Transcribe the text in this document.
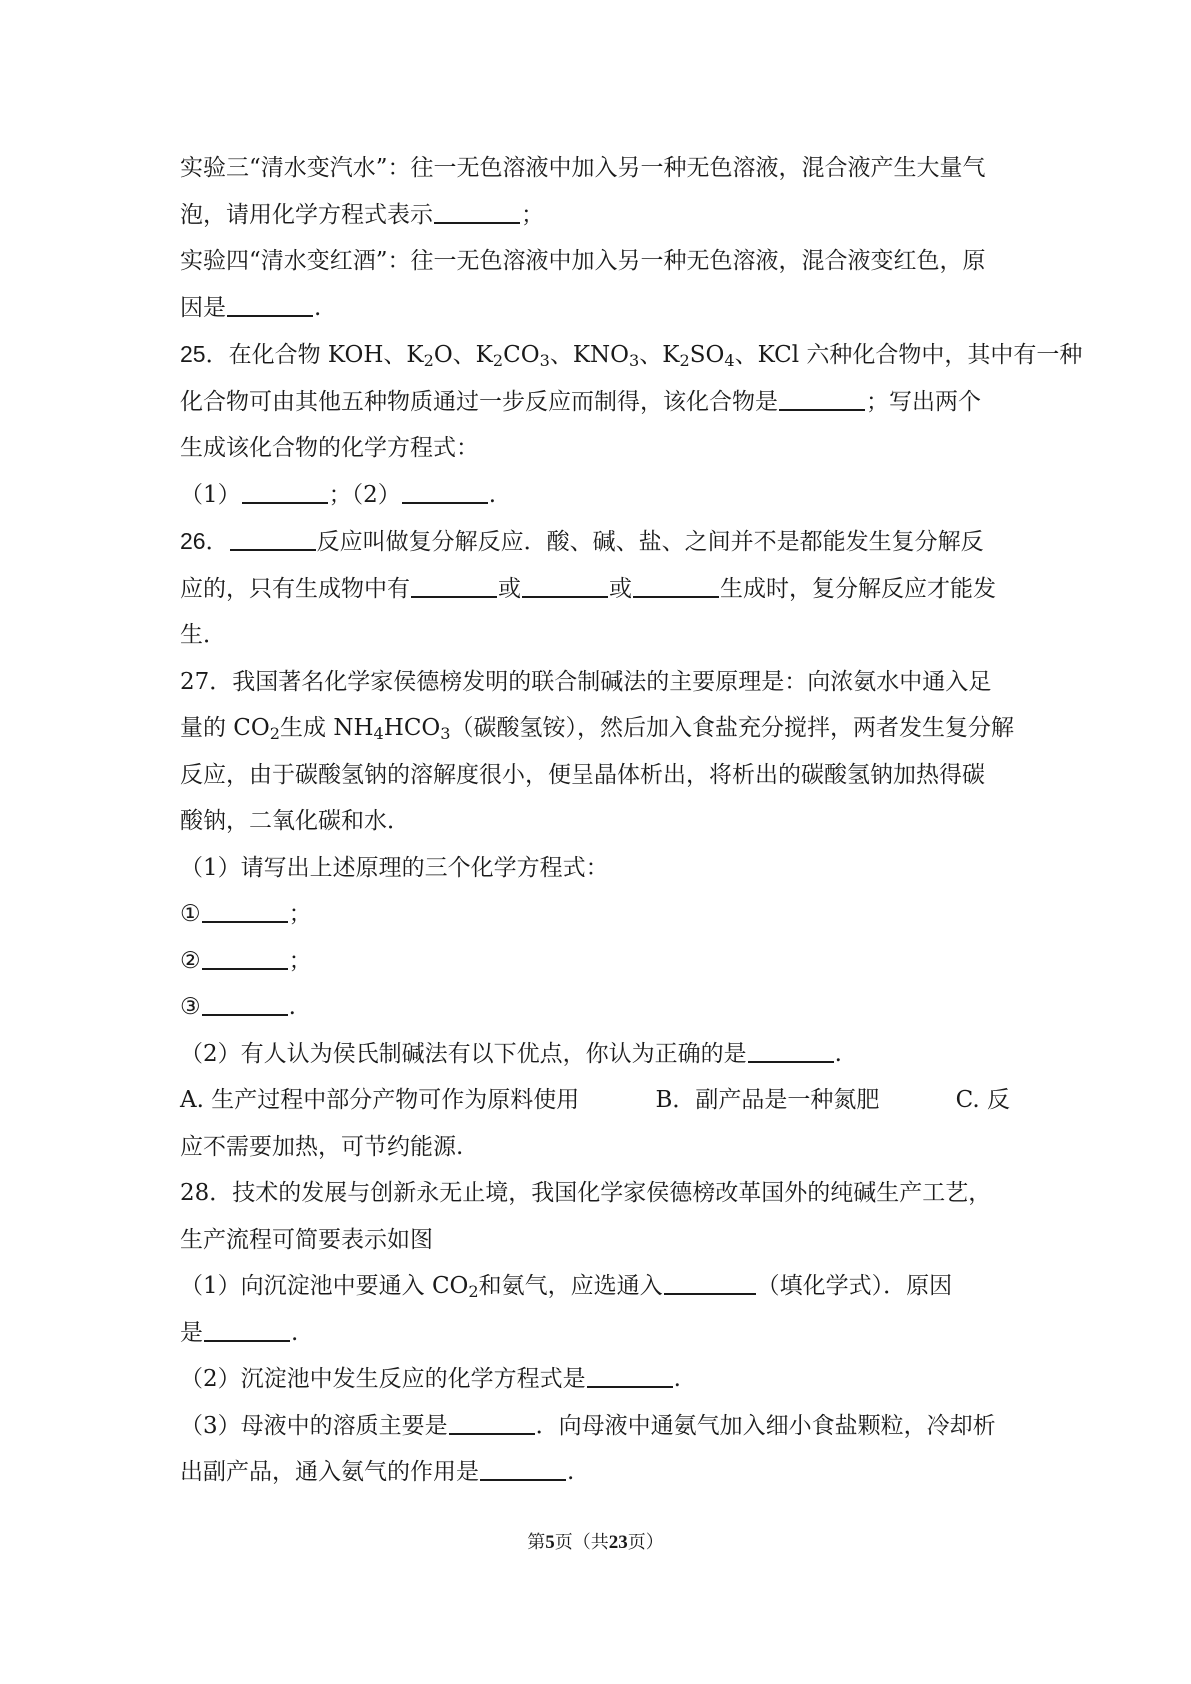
实验三“清水变汽水”：往一无色溶液中加入另一种无色溶液，混合液产生大量气
泡，请用化学方程式表示	；
实验四“清水变红酒”：往一无色溶液中加入另一种无色溶液，混合液变红色，原
因是	.
25．在化合物 KOH、$K_2O$、$K_2CO_3$、$KNO_3$、$K_2SO_4$、KCl 六种化合物中，其中有一种
化合物可由其他五种物质通过一步反应而制得，该化合物是	；写出两个
生成该化合物的化学方程式：
（1）	；（2）	.
26．	反应叫做复分解反应．酸、碱、盐、之间并不是都能发生复分解反
应的，只有生成物中有	或	或	生成时，复分解反应才能发
生．
27．我国著名化学家侯德榜发明的联合制碱法的主要原理是：向浓氨水中通入足
量的 $CO_2$生成 $NH_4HCO_3$（碳酸氢铵），然后加入食盐充分搅拌，两者发生复分解
反应，由于碳酸氢钠的溶解度很小，便呈晶体析出，将析出的碳酸氢钠加热得碳
酸钠，二氧化碳和水．
（1）请写出上述原理的三个化学方程式：
①	；
②	；
③	.
（2）有人认为侯氏制碱法有以下优点，你认为正确的是	.
A. 生产过程中部分产物可作为原料使用	B．副产品是一种氮肥	C. 反
应不需要加热，可节约能源.
28．技术的发展与创新永无止境，我国化学家侯德榜改革国外的纯碱生产工艺，
生产流程可简要表示如图
（1）向沉淀池中要通入 $CO_2$和氨气，应选通入	（填化学式）．原因
是	.
（2）沉淀池中发生反应的化学方程式是	.
（3）母液中的溶质主要是	．向母液中通氨气加入细小食盐颗粒，冷却析
出副产品，通入氨气的作用是	.
第5页（共23页）
